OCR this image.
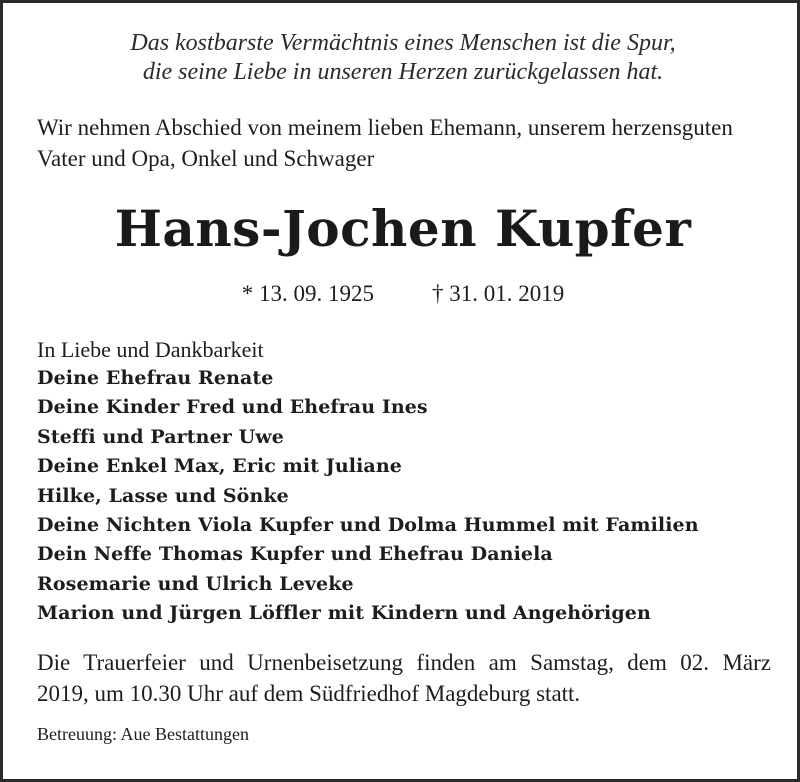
Das kostbarste Vermächtnis eines Menschen ist die Spur,
die seine Liebe in unseren Herzen zurückgelassen hat.
Wir nehmen Abschied von meinem lieben Ehemann, unserem herzensguten
Vater und Opa, Onkel und Schwager
Hans-Jochen Kupfer
* 13. 09. 1925	† 31. 01. 2019
In Liebe und Dankbarkeit
Deine Ehefrau Renate
Deine Kinder Fred und Ehefrau Ines
Steffi und Partner Uwe
Deine Enkel Max, Eric mit Juliane
Hilke, Lasse und Sönke
Deine Nichten Viola Kupfer und Dolma Hummel mit Familien
Dein Neffe Thomas Kupfer und Ehefrau Daniela
Rosemarie und Ulrich Leveke
Marion und Jürgen Löffler mit Kindern und Angehörigen
Die Trauerfeier und Urnenbeisetzung finden am Samstag, dem 02. März
2019, um 10.30 Uhr auf dem Südfriedhof Magdeburg statt.
Betreuung: Aue Bestattungen
